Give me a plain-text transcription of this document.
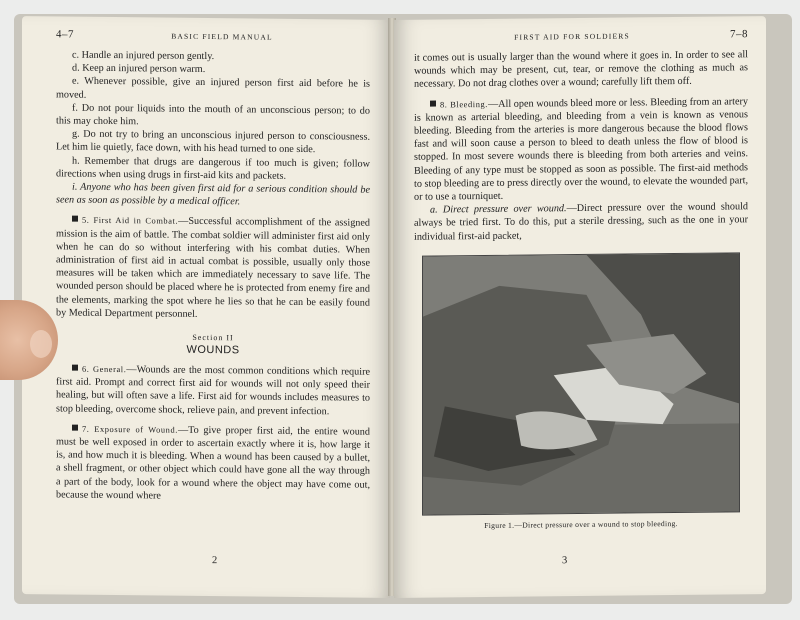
4–7	BASIC FIELD MANUAL

c. Handle an injured person gently.

d. Keep an injured person warm.

e. Whenever possible, give an injured person first aid before he is moved.

f. Do not pour liquids into the mouth of an unconscious person; to do this may choke him.

g. Do not try to bring an unconscious injured person to consciousness. Let him lie quietly, face down, with his head turned to one side.

h. Remember that drugs are dangerous if too much is given; follow directions when using drugs in first-aid kits and packets.

i. Anyone who has been given first aid for a serious condition should be seen as soon as possible by a medical officer.

5. First Aid in Combat.—Successful accomplishment of the assigned mission is the aim of battle. The combat soldier will administer first aid only when he can do so without interfering with his combat duties. When administration of first aid in actual combat is possible, usually only those measures will be taken which are immediately necessary to save life. The wounded person should be placed where he is protected from enemy fire and the elements, marking the spot where he lies so that he can be easily found by Medical Department personnel.

Section II
WOUNDS

6. General.—Wounds are the most common conditions which require first aid. Prompt and correct first aid for wounds will not only speed their healing, but will often save a life. First aid for wounds includes measures to stop bleeding, overcome shock, relieve pain, and prevent infection.

7. Exposure of Wound.—To give proper first aid, the entire wound must be well exposed in order to ascertain exactly where it is, how large it is, and how much it is bleeding. When a wound has been caused by a bullet, a shell fragment, or other object which could have gone all the way through a part of the body, look for a wound where the object may have come out, because the wound where

2
FIRST AID FOR SOLDIERS	7–8

it comes out is usually larger than the wound where it goes in. In order to see all wounds which may be present, cut, tear, or remove the clothing as much as necessary. Do not drag clothes over a wound; carefully lift them off.

8. Bleeding.—All open wounds bleed more or less. Bleeding from an artery is known as arterial bleeding, and bleeding from a vein is known as venous bleeding. Bleeding from the arteries is more dangerous because the blood flows fast and will soon cause a person to bleed to death unless the flow of blood is stopped. In most severe wounds there is bleeding from both arteries and veins. Bleeding of any type must be stopped as soon as possible. The first-aid methods to stop bleeding are to press directly over the wound, to elevate the wounded part, or to use a tourniquet.

a. Direct pressure over wound.—Direct pressure over the wound should always be tried first. To do this, put a sterile dressing, such as the one in your individual first-aid packet,

Figure 1.—Direct pressure over a wound to stop bleeding.
3
